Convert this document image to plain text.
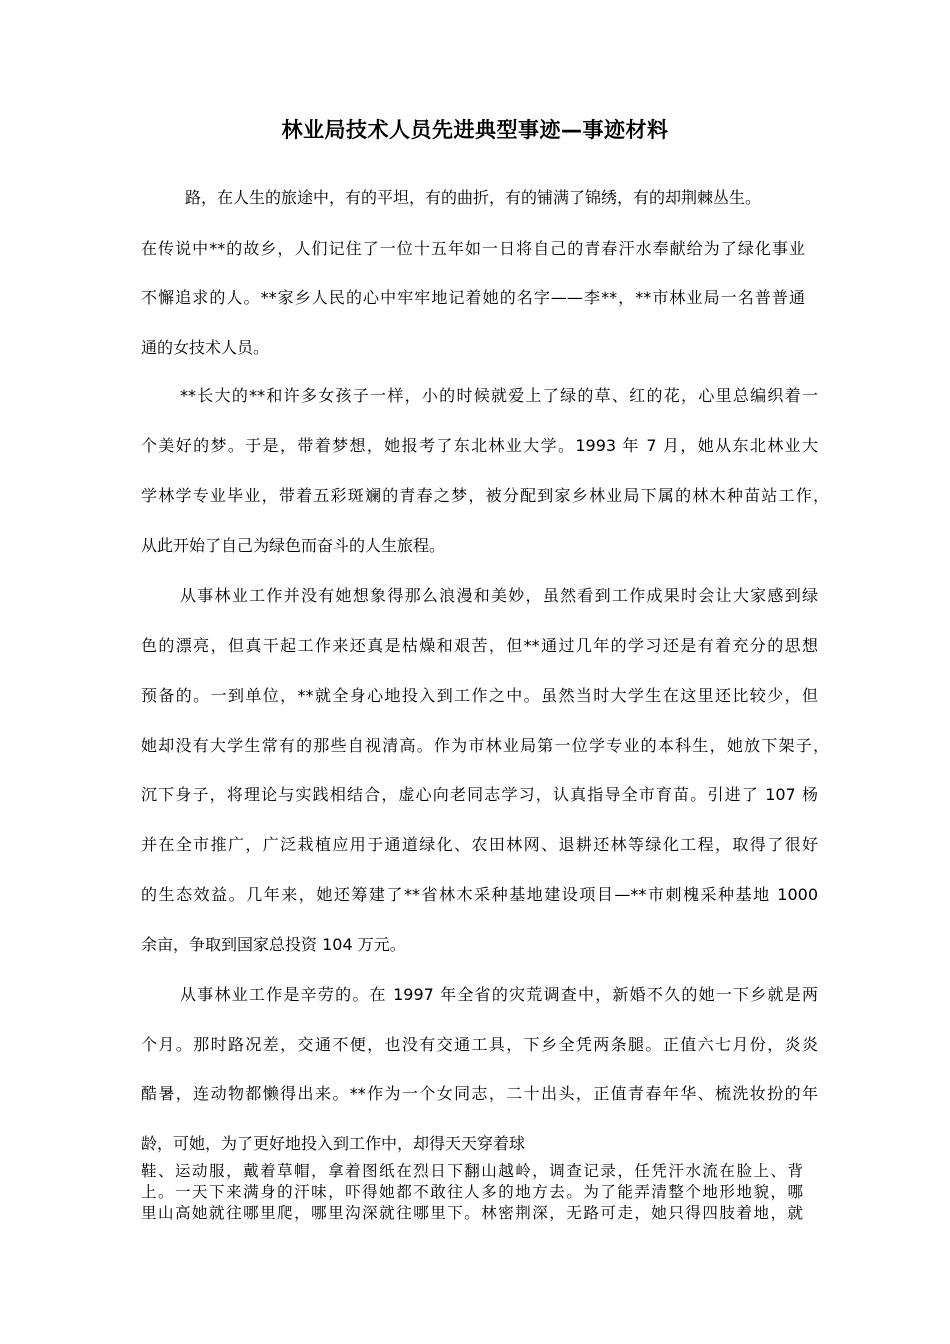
林业局技术人员先进典型事迹—事迹材料
路，在人生的旅途中，有的平坦，有的曲折，有的铺满了锦绣，有的却荆棘丛生。
在传说中**的故乡，人们记住了一位十五年如一日将自己的青春汗水奉献给为了绿化事业
不懈追求的人。**家乡人民的心中牢牢地记着她的名字——李**，**市林业局一名普普通
通的女技术人员。
**长大的**和许多女孩子一样，小的时候就爱上了绿的草、红的花，心里总编织着一
个美好的梦。于是，带着梦想，她报考了东北林业大学。1993 年 7 月，她从东北林业大
学林学专业毕业，带着五彩斑斓的青春之梦，被分配到家乡林业局下属的林木种苗站工作，
从此开始了自己为绿色而奋斗的人生旅程。
从事林业工作并没有她想象得那么浪漫和美妙，虽然看到工作成果时会让大家感到绿
色的漂亮，但真干起工作来还真是枯燥和艰苦，但**通过几年的学习还是有着充分的思想
预备的。一到单位，**就全身心地投入到工作之中。虽然当时大学生在这里还比较少，但
她却没有大学生常有的那些自视清高。作为市林业局第一位学专业的本科生，她放下架子，
沉下身子，将理论与实践相结合，虚心向老同志学习，认真指导全市育苗。引进了 107 杨
并在全市推广，广泛栽植应用于通道绿化、农田林网、退耕还林等绿化工程，取得了很好
的生态效益。几年来，她还筹建了**省林木采种基地建设项目—**市刺槐采种基地 1000
余亩，争取到国家总投资 104 万元。
从事林业工作是辛劳的。在 1997 年全省的灾荒调查中，新婚不久的她一下乡就是两
个月。那时路况差，交通不便，也没有交通工具，下乡全凭两条腿。正值六七月份，炎炎
酷暑，连动物都懒得出来。**作为一个女同志，二十出头，正值青春年华、梳洗妆扮的年
龄，可她，为了更好地投入到工作中，却得天天穿着球
鞋、运动服，戴着草帽，拿着图纸在烈日下翻山越岭，调查记录，任凭汗水流在脸上、背
上。一天下来满身的汗味，吓得她都不敢往人多的地方去。为了能弄清整个地形地貌，哪
里山高她就往哪里爬，哪里沟深就往哪里下。林密荆深，无路可走，她只得四肢着地，就
